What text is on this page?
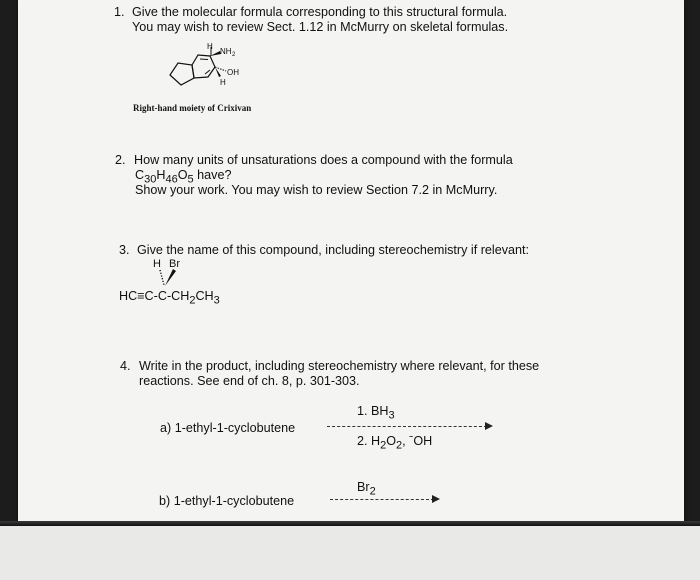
1. Give the molecular formula corresponding to this structural formula.
You may wish to review Sect. 1.12 in McMurry on skeletal formulas.
H
NH 2
OH
H
Right-hand moiety of Crixivan
2. How many units of unsaturations does a compound with the formula
$C_{30}H_{46}O_5$ have?
Show your work. You may wish to review Section 7.2 in McMurry.
3. Give the name of this compound, including stereochemistry if relevant:
H Br
$HC\equiv C-C-CH_2CH_3$
4. Write in the product, including stereochemistry where relevant, for these
reactions. See end of ch. 8, p. 301-303.
1. $BH_3$
a) 1-ethyl-1-cyclobutene
2. $H_2O_2$, ˉOH
$Br_2$
b) 1-ethyl-1-cyclobutene
